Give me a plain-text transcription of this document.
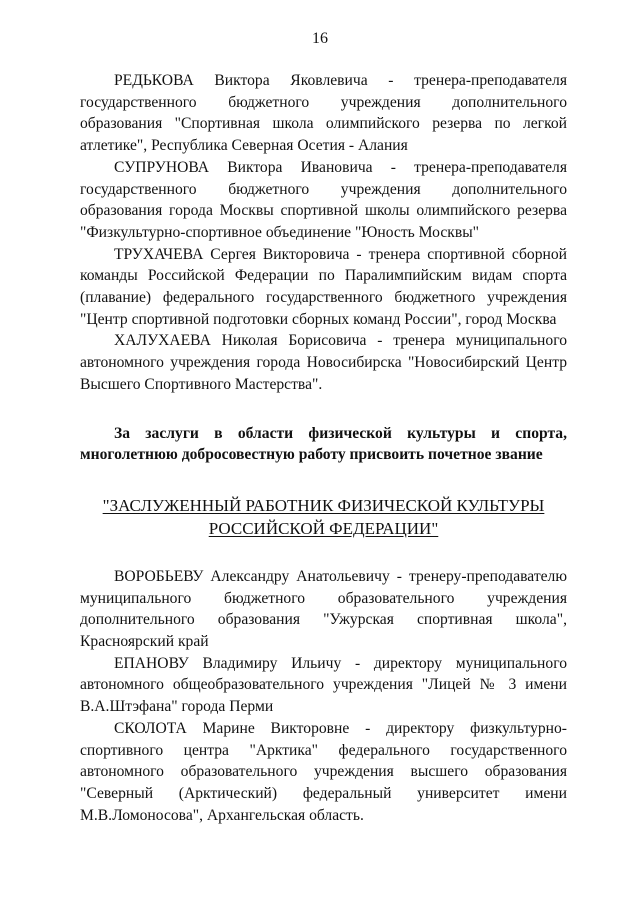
16

РЕДЬКОВА Виктора Яковлевича - тренера-преподавателя государственного бюджетного учреждения дополнительного образования "Спортивная школа олимпийского резерва по легкой атлетике", Республика Северная Осетия - Алания

СУПРУНОВА Виктора Ивановича - тренера-преподавателя государственного бюджетного учреждения дополнительного образования города Москвы спортивной школы олимпийского резерва "Физкультурно-спортивное объединение "Юность Москвы"

ТРУХАЧЕВА Сергея Викторовича - тренера спортивной сборной команды Российской Федерации по Паралимпийским видам спорта (плавание) федерального государственного бюджетного учреждения "Центр спортивной подготовки сборных команд России", город Москва

ХАЛУХАЕВА Николая Борисовича - тренера муниципального автономного учреждения города Новосибирска "Новосибирский Центр Высшего Спортивного Мастерства".

За заслуги в области физической культуры и спорта, многолетнюю добросовестную работу присвоить почетное звание

"ЗАСЛУЖЕННЫЙ РАБОТНИК ФИЗИЧЕСКОЙ КУЛЬТУРЫ
РОССИЙСКОЙ ФЕДЕРАЦИИ"

ВОРОБЬЕВУ Александру Анатольевичу - тренеру-преподавателю муниципального бюджетного образовательного учреждения дополнительного образования "Ужурская спортивная школа", Красноярский край

ЕПАНОВУ Владимиру Ильичу - директору муниципального автономного общеобразовательного учреждения "Лицей № 3 имени В.А.Штэфана" города Перми

СКОЛОТА Марине Викторовне - директору физкультурно-спортивного центра "Арктика" федерального государственного автономного образовательного учреждения высшего образования "Северный (Арктический) федеральный университет имени М.В.Ломоносова", Архангельская область.
